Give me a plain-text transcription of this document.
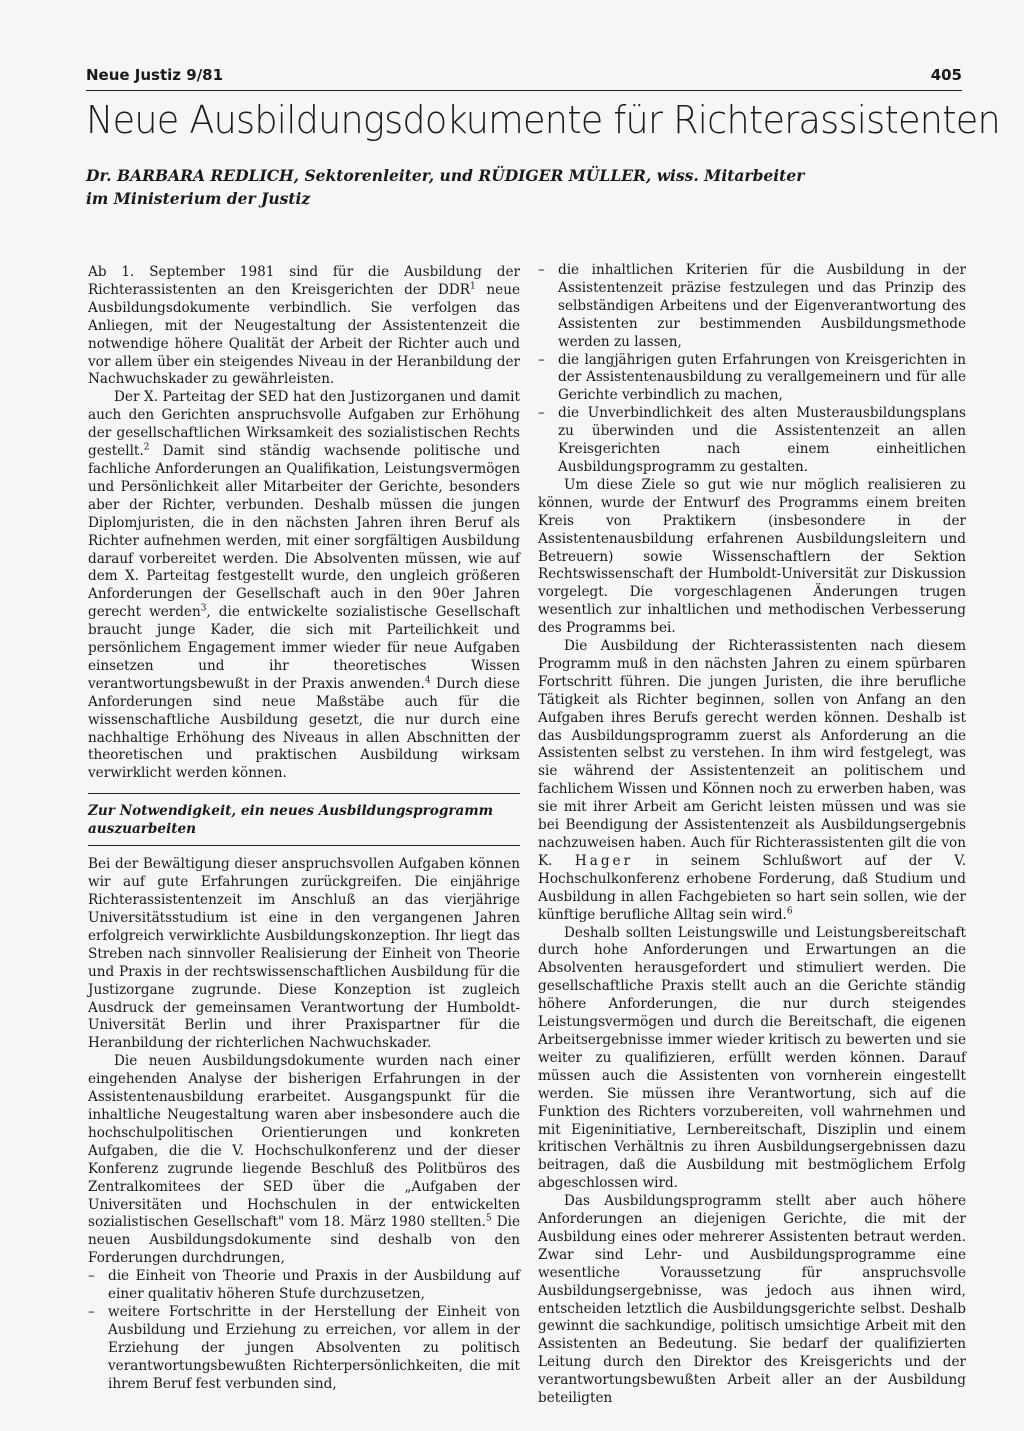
Neue Justiz 9/81	405
Neue Ausbildungsdokumente für Richterassistenten
Dr. BARBARA REDLICH, Sektorenleiter, und RÜDIGER MÜLLER, wiss. Mitarbeiter
im Ministerium der Justiz

Ab 1. September 1981 sind für die Ausbildung der Richterassistenten an den Kreisgerichten der DDR$^1$ neue Ausbildungsdokumente verbindlich. Sie verfolgen das Anliegen, mit der Neugestaltung der Assistentenzeit die notwendige höhere Qualität der Arbeit der Richter auch und vor allem über ein steigendes Niveau in der Heranbildung der Nachwuchskader zu gewährleisten.

Der X. Parteitag der SED hat den Justizorganen und damit auch den Gerichten anspruchsvolle Aufgaben zur Erhöhung der gesellschaftlichen Wirksamkeit des sozialistischen Rechts gestellt.$^2$ Damit sind ständig wachsende politische und fachliche Anforderungen an Qualifikation, Leistungsvermögen und Persönlichkeit aller Mitarbeiter der Gerichte, besonders aber der Richter, verbunden. Deshalb müssen die jungen Diplomjuristen, die in den nächsten Jahren ihren Beruf als Richter aufnehmen werden, mit einer sorgfältigen Ausbildung darauf vorbereitet werden. Die Absolventen müssen, wie auf dem X. Parteitag festgestellt wurde, den ungleich größeren Anforderungen der Gesellschaft auch in den 90er Jahren gerecht werden$^3$, die entwickelte sozialistische Gesellschaft braucht junge Kader, die sich mit Parteilichkeit und persönlichem Engagement immer wieder für neue Aufgaben einsetzen und ihr theoretisches Wissen verantwortungsbewußt in der Praxis anwenden.$^4$ Durch diese Anforderungen sind neue Maßstäbe auch für die wissenschaftliche Ausbildung gesetzt, die nur durch eine nachhaltige Erhöhung des Niveaus in allen Abschnitten der theoretischen und praktischen Ausbildung wirksam verwirklicht werden können.

Zur Notwendigkeit, ein neues Ausbildungsprogramm auszuarbeiten

Bei der Bewältigung dieser anspruchsvollen Aufgaben können wir auf gute Erfahrungen zurückgreifen. Die einjährige Richterassistentenzeit im Anschluß an das vierjährige Universitätsstudium ist eine in den vergangenen Jahren erfolgreich verwirklichte Ausbildungskonzeption. Ihr liegt das Streben nach sinnvoller Realisierung der Einheit von Theorie und Praxis in der rechtswissenschaftlichen Ausbildung für die Justizorgane zugrunde. Diese Konzeption ist zugleich Ausdruck der gemeinsamen Verantwortung der Humboldt-Universität Berlin und ihrer Praxispartner für die Heranbildung der richterlichen Nachwuchskader.

Die neuen Ausbildungsdokumente wurden nach einer eingehenden Analyse der bisherigen Erfahrungen in der Assistentenausbildung erarbeitet. Ausgangspunkt für die inhaltliche Neugestaltung waren aber insbesondere auch die hochschulpolitischen Orientierungen und konkreten Aufgaben, die die V. Hochschulkonferenz und der dieser Konferenz zugrunde liegende Beschluß des Politbüros des Zentralkomitees der SED über die „Aufgaben der Universitäten und Hochschulen in der entwickelten sozialistischen Gesellschaft" vom 18. März 1980 stellten.$^5$ Die neuen Ausbildungsdokumente sind deshalb von den Forderungen durchdrungen,

– die Einheit von Theorie und Praxis in der Ausbildung auf einer qualitativ höheren Stufe durchzusetzen,
– weitere Fortschritte in der Herstellung der Einheit von Ausbildung und Erziehung zu erreichen, vor allem in der Erziehung der jungen Absolventen zu politisch verantwortungsbewußten Richterpersönlichkeiten, die mit ihrem Beruf fest verbunden sind,
– die inhaltlichen Kriterien für die Ausbildung in der Assistentenzeit präzise festzulegen und das Prinzip des selbständigen Arbeitens und der Eigenverantwortung des Assistenten zur bestimmenden Ausbildungsmethode werden zu lassen,
– die langjährigen guten Erfahrungen von Kreisgerichten in der Assistentenausbildung zu verallgemeinern und für alle Gerichte verbindlich zu machen,
– die Unverbindlichkeit des alten Musterausbildungsplans zu überwinden und die Assistentenzeit an allen Kreisgerichten nach einem einheitlichen Ausbildungsprogramm zu gestalten.

Um diese Ziele so gut wie nur möglich realisieren zu können, wurde der Entwurf des Programms einem breiten Kreis von Praktikern (insbesondere in der Assistentenausbildung erfahrenen Ausbildungsleitern und Betreuern) sowie Wissenschaftlern der Sektion Rechtswissenschaft der Humboldt-Universität zur Diskussion vorgelegt. Die vorgeschlagenen Änderungen trugen wesentlich zur inhaltlichen und methodischen Verbesserung des Programms bei.

Die Ausbildung der Richterassistenten nach diesem Programm muß in den nächsten Jahren zu einem spürbaren Fortschritt führen. Die jungen Juristen, die ihre berufliche Tätigkeit als Richter beginnen, sollen von Anfang an den Aufgaben ihres Berufs gerecht werden können. Deshalb ist das Ausbildungsprogramm zuerst als Anforderung an die Assistenten selbst zu verstehen. In ihm wird festgelegt, was sie während der Assistentenzeit an politischem und fachlichem Wissen und Können noch zu erwerben haben, was sie mit ihrer Arbeit am Gericht leisten müssen und was sie bei Beendigung der Assistentenzeit als Ausbildungsergebnis nachzuweisen haben. Auch für Richterassistenten gilt die von K. Hager in seinem Schlußwort auf der V. Hochschulkonferenz erhobene Forderung, daß Studium und Ausbildung in allen Fachgebieten so hart sein sollen, wie der künftige berufliche Alltag sein wird.$^6$

Deshalb sollten Leistungswille und Leistungsbereitschaft durch hohe Anforderungen und Erwartungen an die Absolventen herausgefordert und stimuliert werden. Die gesellschaftliche Praxis stellt auch an die Gerichte ständig höhere Anforderungen, die nur durch steigendes Leistungsvermögen und durch die Bereitschaft, die eigenen Arbeitsergebnisse immer wieder kritisch zu bewerten und sie weiter zu qualifizieren, erfüllt werden können. Darauf müssen auch die Assistenten von vornherein eingestellt werden. Sie müssen ihre Verantwortung, sich auf die Funktion des Richters vorzubereiten, voll wahrnehmen und mit Eigeninitiative, Lernbereitschaft, Disziplin und einem kritischen Verhältnis zu ihren Ausbildungsergebnissen dazu beitragen, daß die Ausbildung mit bestmöglichem Erfolg abgeschlossen wird.

Das Ausbildungsprogramm stellt aber auch höhere Anforderungen an diejenigen Gerichte, die mit der Ausbildung eines oder mehrerer Assistenten betraut werden. Zwar sind Lehr- und Ausbildungsprogramme eine wesentliche Voraussetzung für anspruchsvolle Ausbildungsergebnisse, was jedoch aus ihnen wird, entscheiden letztlich die Ausbildungsgerichte selbst. Deshalb gewinnt die sachkundige, politisch umsichtige Arbeit mit den Assistenten an Bedeutung. Sie bedarf der qualifizierten Leitung durch den Direktor des Kreisgerichts und der verantwortungsbewußten Arbeit aller an der Ausbildung beteiligten
